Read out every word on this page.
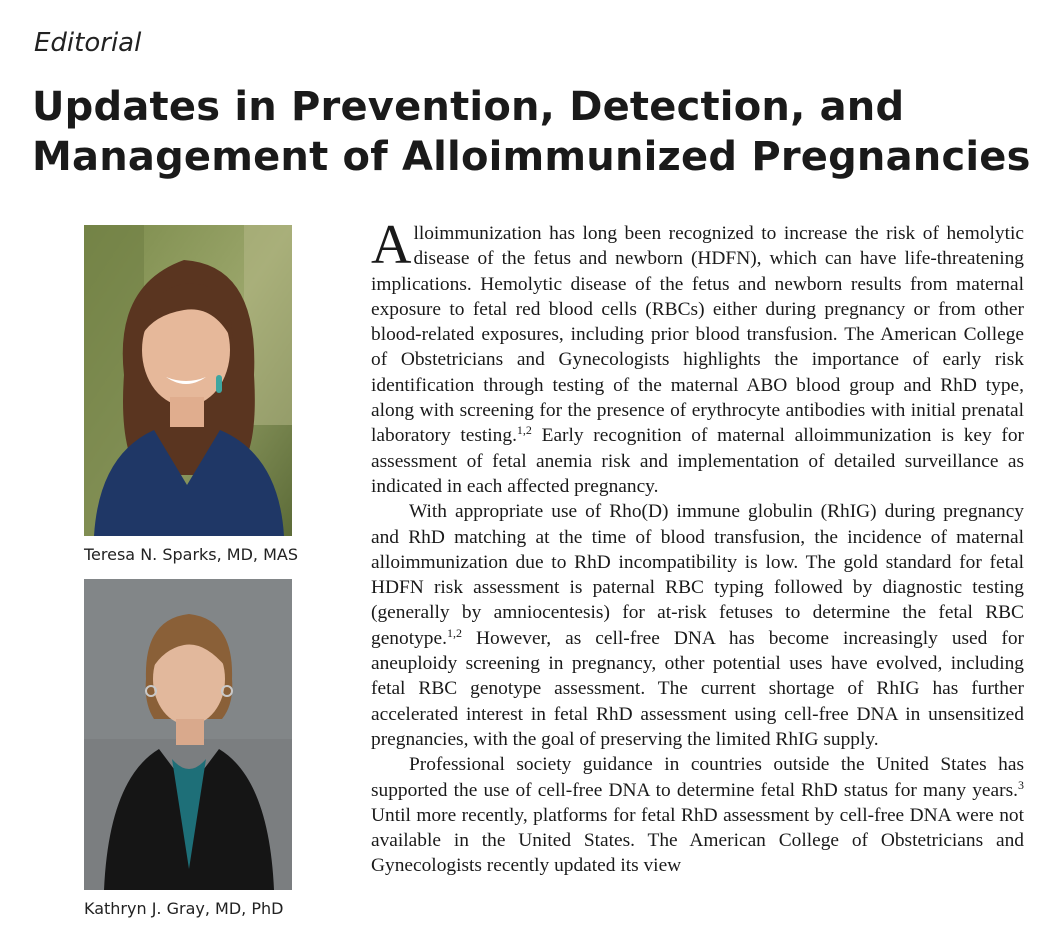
Editorial
Updates in Prevention, Detection, and
Management of Alloimmunized Pregnancies
Teresa N. Sparks, MD, MAS
Kathryn J. Gray, MD, PhD

Alloimmunization has long been recognized to increase the risk of hemolytic disease of the fetus and newborn (HDFN), which can have life-threatening implications. Hemolytic disease of the fetus and newborn results from maternal exposure to fetal red blood cells (RBCs) either during pregnancy or from other blood-related exposures, including prior blood transfusion. The American College of Obstetricians and Gynecologists highlights the importance of early risk identification through testing of the maternal ABO blood group and RhD type, along with screening for the presence of erythrocyte antibodies with initial prenatal laboratory testing.$^{1,2}$ Early recognition of maternal alloimmunization is key for assessment of fetal anemia risk and implementation of detailed surveillance as indicated in each affected pregnancy.

With appropriate use of Rho(D) immune globulin (RhIG) during pregnancy and RhD matching at the time of blood transfusion, the incidence of maternal alloimmunization due to RhD incompatibility is low. The gold standard for fetal HDFN risk assessment is paternal RBC typing followed by diagnostic testing (generally by amniocentesis) for at-risk fetuses to determine the fetal RBC genotype.$^{1,2}$ However, as cell-free DNA has become increasingly used for aneuploidy screening in pregnancy, other potential uses have evolved, including fetal RBC genotype assessment. The current shortage of RhIG has further accelerated interest in fetal RhD assessment using cell-free DNA in unsensitized pregnancies, with the goal of preserving the limited RhIG supply.

Professional society guidance in countries outside the United States has supported the use of cell-free DNA to determine fetal RhD status for many years.$^3$ Until more recently, platforms for fetal RhD assessment by cell-free DNA were not available in the United States. The American College of Obstetricians and Gynecologists recently updated its view
